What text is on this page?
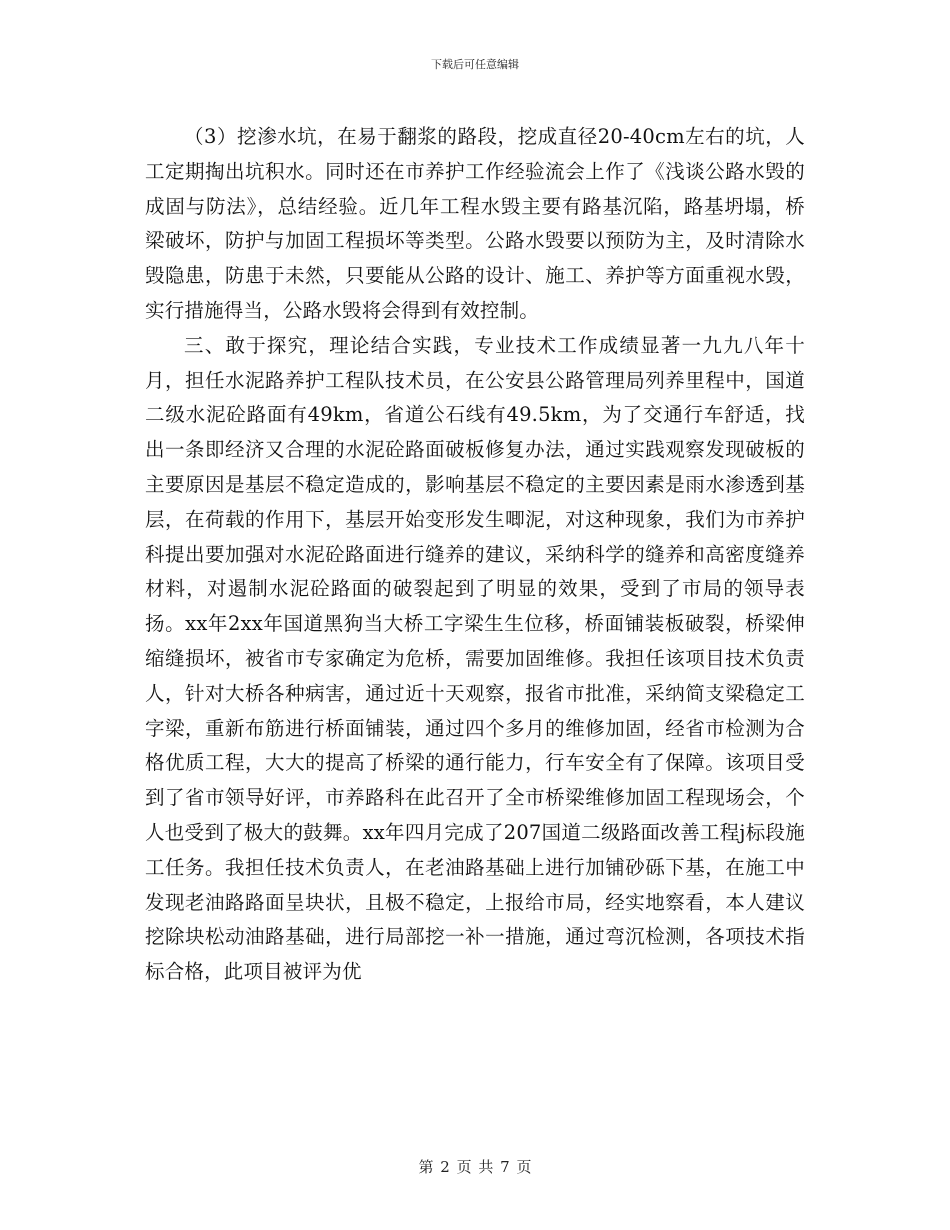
下载后可任意编辑

（3）挖渗水坑，在易于翻浆的路段，挖成直径20-40cm左右的坑，人工定期掏出坑积水。同时还在市养护工作经验流会上作了《浅谈公路水毁的成固与防法》，总结经验。近几年工程水毁主要有路基沉陷，路基坍塌，桥梁破坏，防护与加固工程损坏等类型。公路水毁要以预防为主，及时清除水毁隐患，防患于未然，只要能从公路的设计、施工、养护等方面重视水毁，实行措施得当，公路水毁将会得到有效控制。

三、敢于探究，理论结合实践，专业技术工作成绩显著一九九八年十月，担任水泥路养护工程队技术员，在公安县公路管理局列养里程中，国道二级水泥砼路面有49km，省道公石线有49.5km，为了交通行车舒适，找出一条即经济又合理的水泥砼路面破板修复办法，通过实践观察发现破板的主要原因是基层不稳定造成的，影响基层不稳定的主要因素是雨水渗透到基层，在荷载的作用下，基层开始变形发生唧泥，对这种现象，我们为市养护科提出要加强对水泥砼路面进行缝养的建议，采纳科学的缝养和高密度缝养材料，对遏制水泥砼路面的破裂起到了明显的效果，受到了市局的领导表扬。xx年2xx年国道黑狗当大桥工字梁生生位移，桥面铺装板破裂，桥梁伸缩缝损坏，被省市专家确定为危桥，需要加固维修。我担任该项目技术负责人，针对大桥各种病害，通过近十天观察，报省市批准，采纳简支梁稳定工字梁，重新布筋进行桥面铺装，通过四个多月的维修加固，经省市检测为合格优质工程，大大的提高了桥梁的通行能力，行车安全有了保障。该项目受到了省市领导好评，市养路科在此召开了全市桥梁维修加固工程现场会，个人也受到了极大的鼓舞。xx年四月完成了207国道二级路面改善工程j标段施工任务。我担任技术负责人，在老油路基础上进行加铺砂砾下基，在施工中发现老油路路面呈块状，且极不稳定，上报给市局，经实地察看，本人建议挖除块松动油路基础，进行局部挖一补一措施，通过弯沉检测，各项技术指标合格，此项目被评为优

第 2 页 共 7 页
